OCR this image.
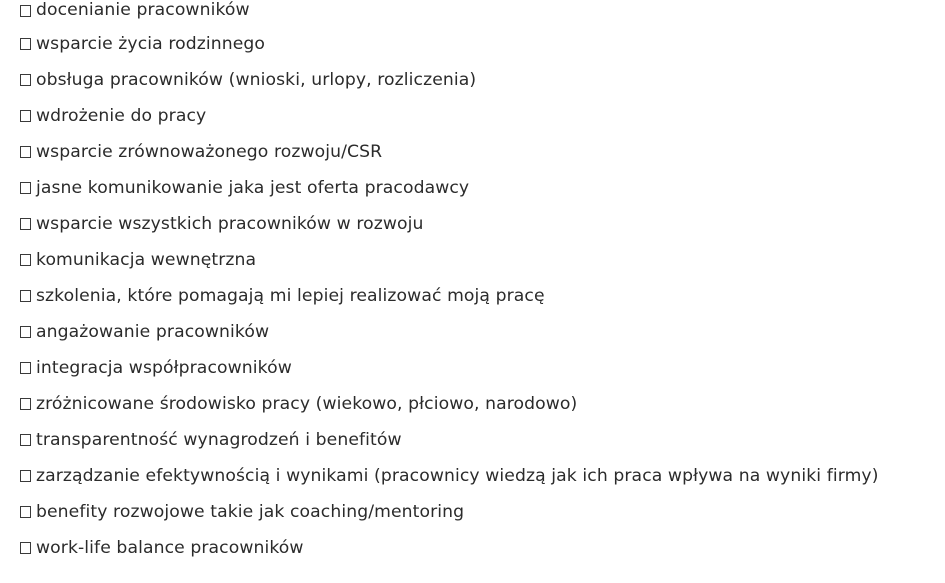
docenianie pracowników
wsparcie życia rodzinnego
obsługa pracowników (wnioski, urlopy, rozliczenia)
wdrożenie do pracy
wsparcie zrównoważonego rozwoju/CSR
jasne komunikowanie jaka jest oferta pracodawcy
wsparcie wszystkich pracowników w rozwoju
komunikacja wewnętrzna
szkolenia, które pomagają mi lepiej realizować moją pracę
angażowanie pracowników
integracja współpracowników
zróżnicowane środowisko pracy (wiekowo, płciowo, narodowo)
transparentność wynagrodzeń i benefitów
zarządzanie efektywnością i wynikami (pracownicy wiedzą jak ich praca wpływa na wyniki firmy)
benefity rozwojowe takie jak coaching/mentoring
work-life balance pracowników
